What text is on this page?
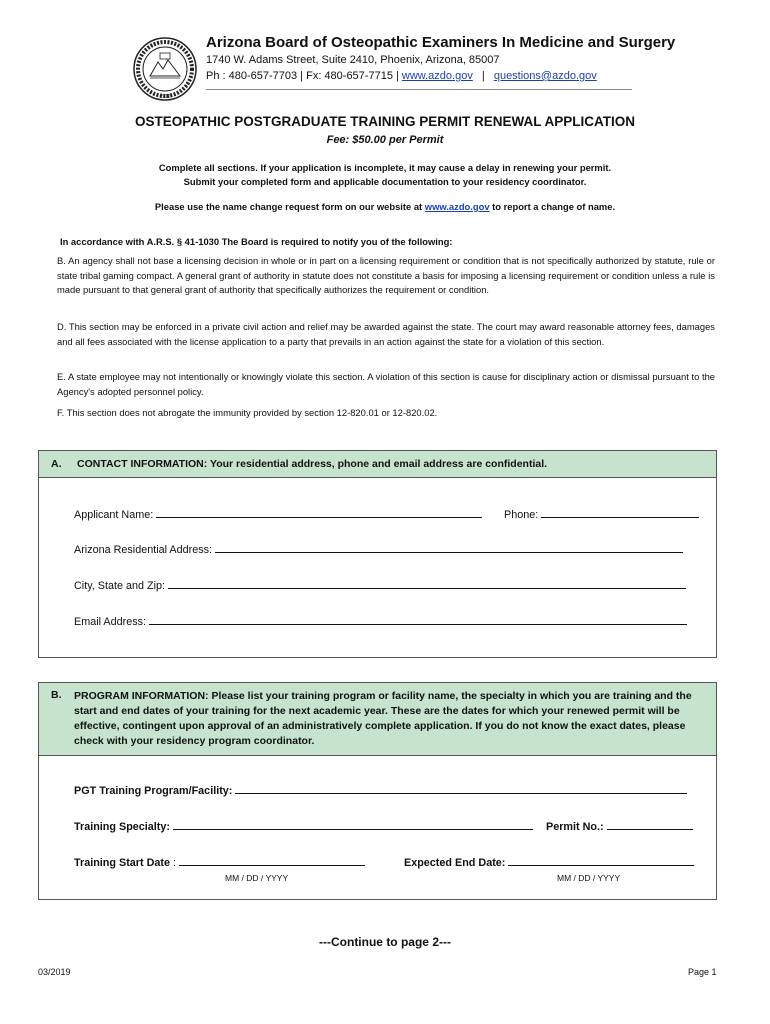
1912
Arizona Board of Osteopathic Examiners In Medicine and Surgery
1740 W. Adams Street, Suite 2410, Phoenix, Arizona, 85007
Ph : 480-657-7703 | Fx: 480-657-7715 | www.azdo.gov | questions@azdo.gov
OSTEOPATHIC POSTGRADUATE TRAINING PERMIT RENEWAL APPLICATION
Fee: $50.00 per Permit
Complete all sections. If your application is incomplete, it may cause a delay in renewing your permit.
Submit your completed form and applicable documentation to your residency coordinator.
Please use the name change request form on our website at www.azdo.gov to report a change of name.
In accordance with A.R.S. § 41-1030 The Board is required to notify you of the following:
B. An agency shall not base a licensing decision in whole or in part on a licensing requirement or condition that is not specifically authorized by statute, rule or state tribal gaming compact. A general grant of authority in statute does not constitute a basis for imposing a licensing requirement or condition unless a rule is made pursuant to that general grant of authority that specifically authorizes the requirement or condition.
D. This section may be enforced in a private civil action and relief may be awarded against the state. The court may award reasonable attorney fees, damages and all fees associated with the license application to a party that prevails in an action against the state for a violation of this section.
E. A state employee may not intentionally or knowingly violate this section. A violation of this section is cause for disciplinary action or dismissal pursuant to the Agency's adopted personnel policy.
F. This section does not abrogate the immunity provided by section 12-820.01 or 12-820.02.
A. CONTACT INFORMATION: Your residential address, phone and email address are confidential.
Applicant Name:	Phone:
Arizona Residential Address:
City, State and Zip:
Email Address:
B. PROGRAM INFORMATION: Please list your training program or facility name, the specialty in which you are training and the start and end dates of your training for the next academic year. These are the dates for which your renewed permit will be effective, contingent upon approval of an administratively complete application. If you do not know the exact dates, please check with your residency program coordinator.
PGT Training Program/Facility:
Training Specialty:	Permit No.:
Training Start Date :	Expected End Date:
MM / DD / YYYY	MM / DD / YYYY
---Continue to page 2---
03/2019	Page 1
